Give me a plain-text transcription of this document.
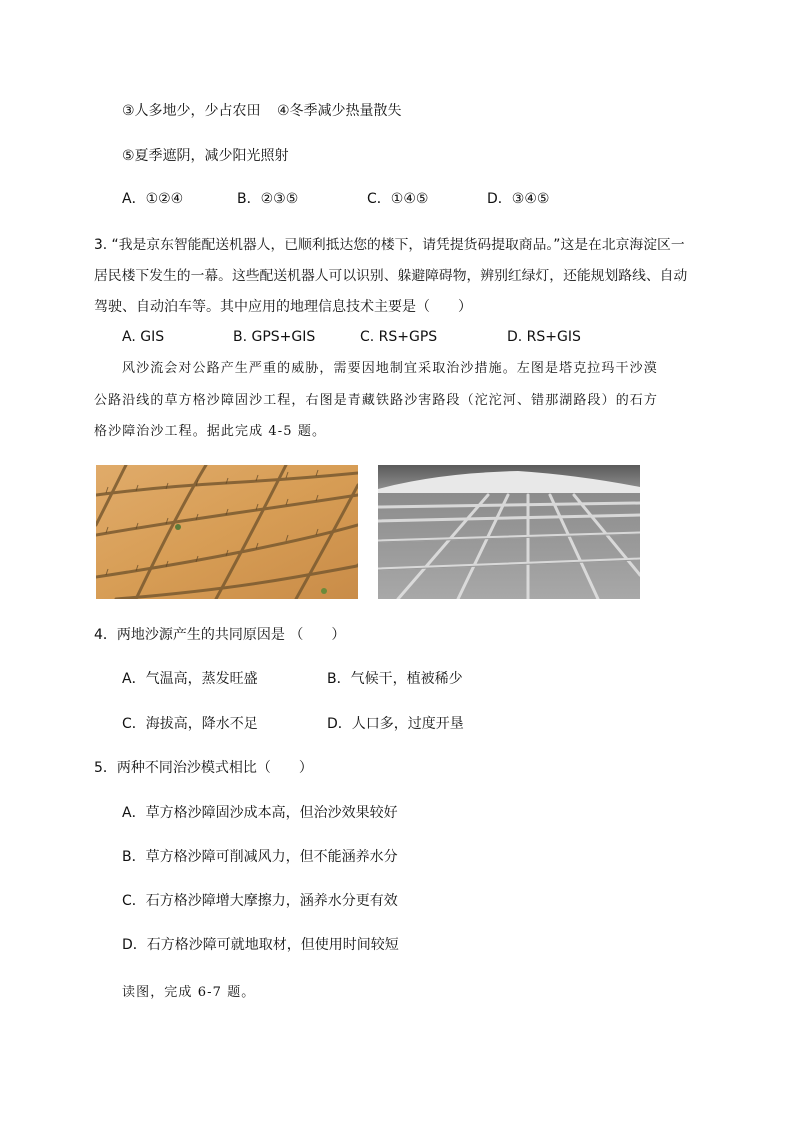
③人多地少，少占农田 ④冬季减少热量散失
⑤夏季遮阴，减少阳光照射
A．①②④	B．②③⑤	C．①④⑤	D．③④⑤
3. “我是京东智能配送机器人，已顺利抵达您的楼下，请凭提货码提取商品。”这是在北京海淀区一
居民楼下发生的一幕。这些配送机器人可以识别、躲避障碍物，辨别红绿灯，还能规划路线、自动
驾驶、自动泊车等。其中应用的地理信息技术主要是（　　）
A. GIS	B. GPS+GIS	C. RS+GPS	D. RS+GIS
风沙流会对公路产生严重的威胁，需要因地制宜采取治沙措施。左图是塔克拉玛干沙漠
公路沿线的草方格沙障固沙工程，右图是青藏铁路沙害路段（沱沱河、错那湖路段）的石方
格沙障治沙工程。据此完成 4-5 题。
4．两地沙源产生的共同原因是 （　　）
A．气温高，蒸发旺盛	B．气候干，植被稀少
C．海拔高，降水不足	D．人口多，过度开垦
5．两种不同治沙模式相比（　　）
A．草方格沙障固沙成本高，但治沙效果较好
B．草方格沙障可削减风力，但不能涵养水分
C．石方格沙障增大摩擦力，涵养水分更有效
D．石方格沙障可就地取材，但使用时间较短
读图，完成 6-7 题。
